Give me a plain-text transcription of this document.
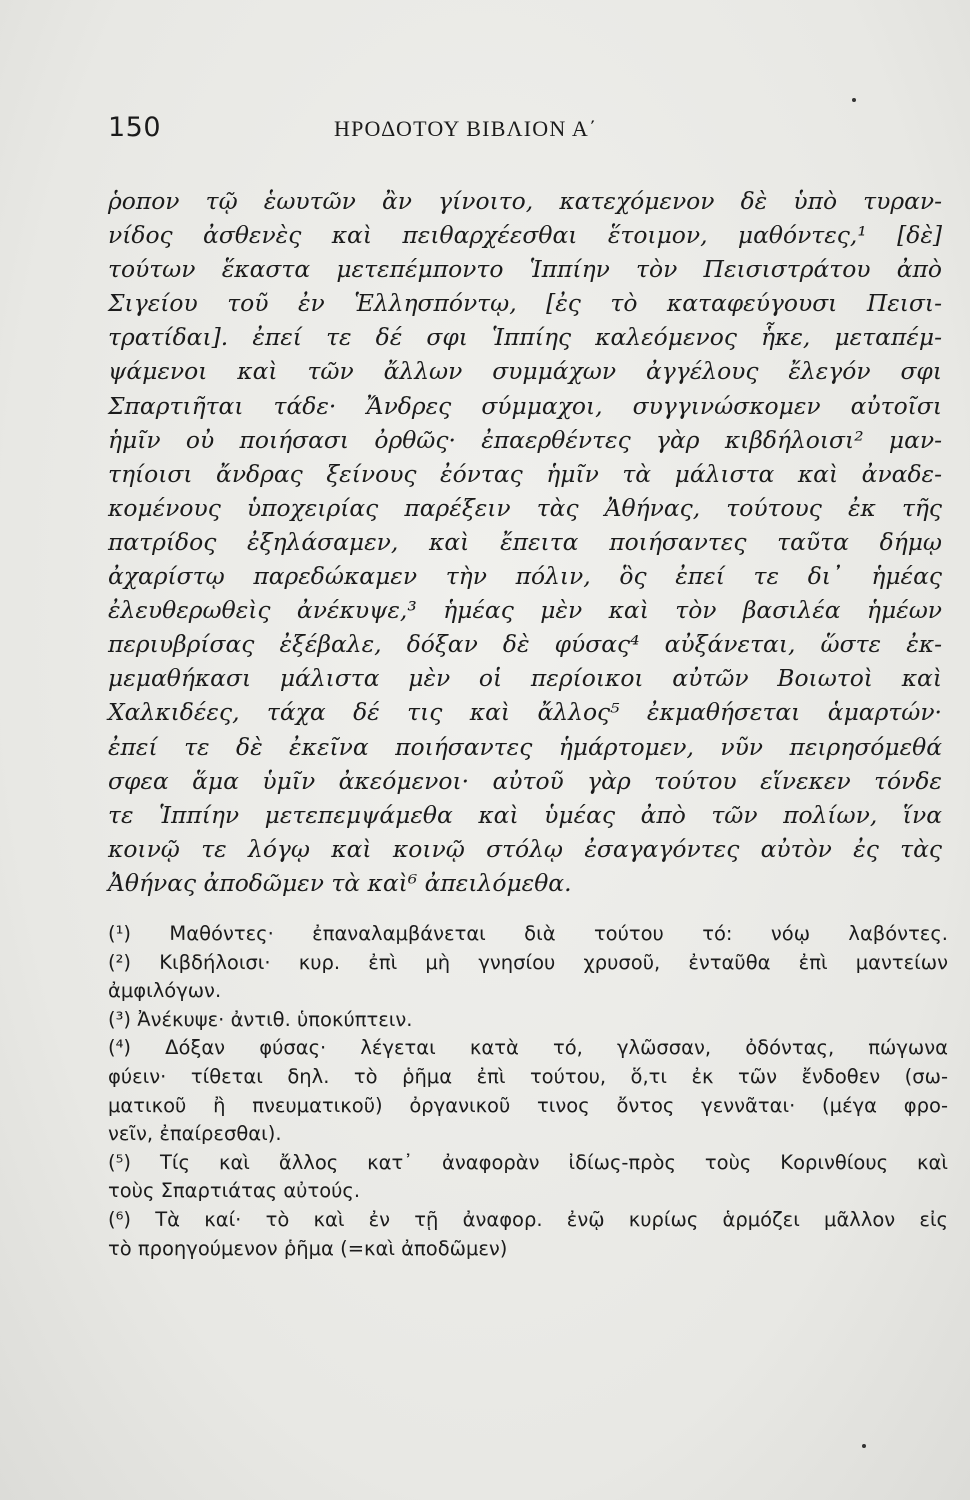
150	ΗΡΟΔΟΤΟΥ ΒΙΒΛΙΟΝ Α΄
ῥοπον τῷ ἑωυτῶν ἂν γίνοιτο, κατεχόμενον δὲ ὑπὸ τυραν-
νίδος ἀσθενὲς καὶ πειθαρχέεσθαι ἕτοιμον, μαθόντες,¹ [δὲ]
τούτων ἕκαστα μετεπέμποντο Ἱππίην τὸν Πεισιστράτου ἀπὸ
Σιγείου τοῦ ἐν Ἑλλησπόντῳ, [ἐς τὸ καταφεύγουσι Πεισι-
τρατίδαι]. ἐπεί τε δέ σφι Ἱππίης καλεόμενος ἧκε, μεταπέμ-
ψάμενοι καὶ τῶν ἄλλων συμμάχων ἀγγέλους ἔλεγόν σφι
Σπαρτιῆται τάδε· Ἄνδρες σύμμαχοι, συγγινώσκομεν αὐτοῖσι
ἡμῖν οὐ ποιήσασι ὀρθῶς· ἐπαερθέντες γὰρ κιβδήλοισι² μαν-
τηίοισι ἄνδρας ξείνους ἐόντας ἡμῖν τὰ μάλιστα καὶ ἀναδε-
κομένους ὑποχειρίας παρέξειν τὰς Ἀθήνας, τούτους ἐκ τῆς
πατρίδος ἐξηλάσαμεν, καὶ ἔπειτα ποιήσαντες ταῦτα δήμῳ
ἀχαρίστῳ παρεδώκαμεν τὴν πόλιν, ὃς ἐπεί τε δι᾽ ἡμέας
ἐλευθερωθεὶς ἀνέκυψε,³ ἡμέας μὲν καὶ τὸν βασιλέα ἡμέων
περιυβρίσας ἐξέβαλε, δόξαν δὲ φύσας⁴ αὐξάνεται, ὥστε ἐκ-
μεμαθήκασι μάλιστα μὲν οἱ περίοικοι αὐτῶν Βοιωτοὶ καὶ
Χαλκιδέες, τάχα δέ τις καὶ ἄλλος⁵ ἐκμαθήσεται ἁμαρτών·
ἐπεί τε δὲ ἐκεῖνα ποιήσαντες ἡμάρτομεν, νῦν πειρησόμεθά
σφεα ἅμα ὑμῖν ἀκεόμενοι· αὐτοῦ γὰρ τούτου εἵνεκεν τόνδε
τε Ἱππίην μετεπεμψάμεθα καὶ ὑμέας ἀπὸ τῶν πολίων, ἵνα
κοινῷ τε λόγῳ καὶ κοινῷ στόλῳ ἐσαγαγόντες αὐτὸν ἐς τὰς
Ἀθήνας ἀποδῶμεν τὰ καὶ⁶ ἀπειλόμεθα.
(¹) Μαθόντες· ἐπαναλαμβάνεται διὰ τούτου τό: νόῳ λαβόντες.
(²) Κιβδήλοισι· κυρ. ἐπὶ μὴ γνησίου χρυσοῦ, ἐνταῦθα ἐπὶ μαντείων
ἀμφιλόγων.
(³) Ἀνέκυψε· ἀντιθ. ὑποκύπτειν.
(⁴) Δόξαν φύσας· λέγεται κατὰ τό, γλῶσσαν, ὀδόντας, πώγωνα
φύειν· τίθεται δηλ. τὸ ῥῆμα ἐπὶ τούτου, ὅ,τι ἐκ τῶν ἔνδοθεν (σω-
ματικοῦ ἢ πνευματικοῦ) ὀργανικοῦ τινος ὄντος γεννᾶται· (μέγα φρο-
νεῖν, ἐπαίρεσθαι).
(⁵) Τίς καὶ ἄλλος κατ᾽ ἀναφορὰν ἰδίως-πρὸς τοὺς Κορινθίους καὶ
τοὺς Σπαρτιάτας αὐτούς.
(⁶) Τὰ καί· τὸ καὶ ἐν τῇ ἀναφορ. ἐνῷ κυρίως ἁρμόζει μᾶλλον εἰς
τὸ προηγούμενον ῥῆμα (=καὶ ἀποδῶμεν)
